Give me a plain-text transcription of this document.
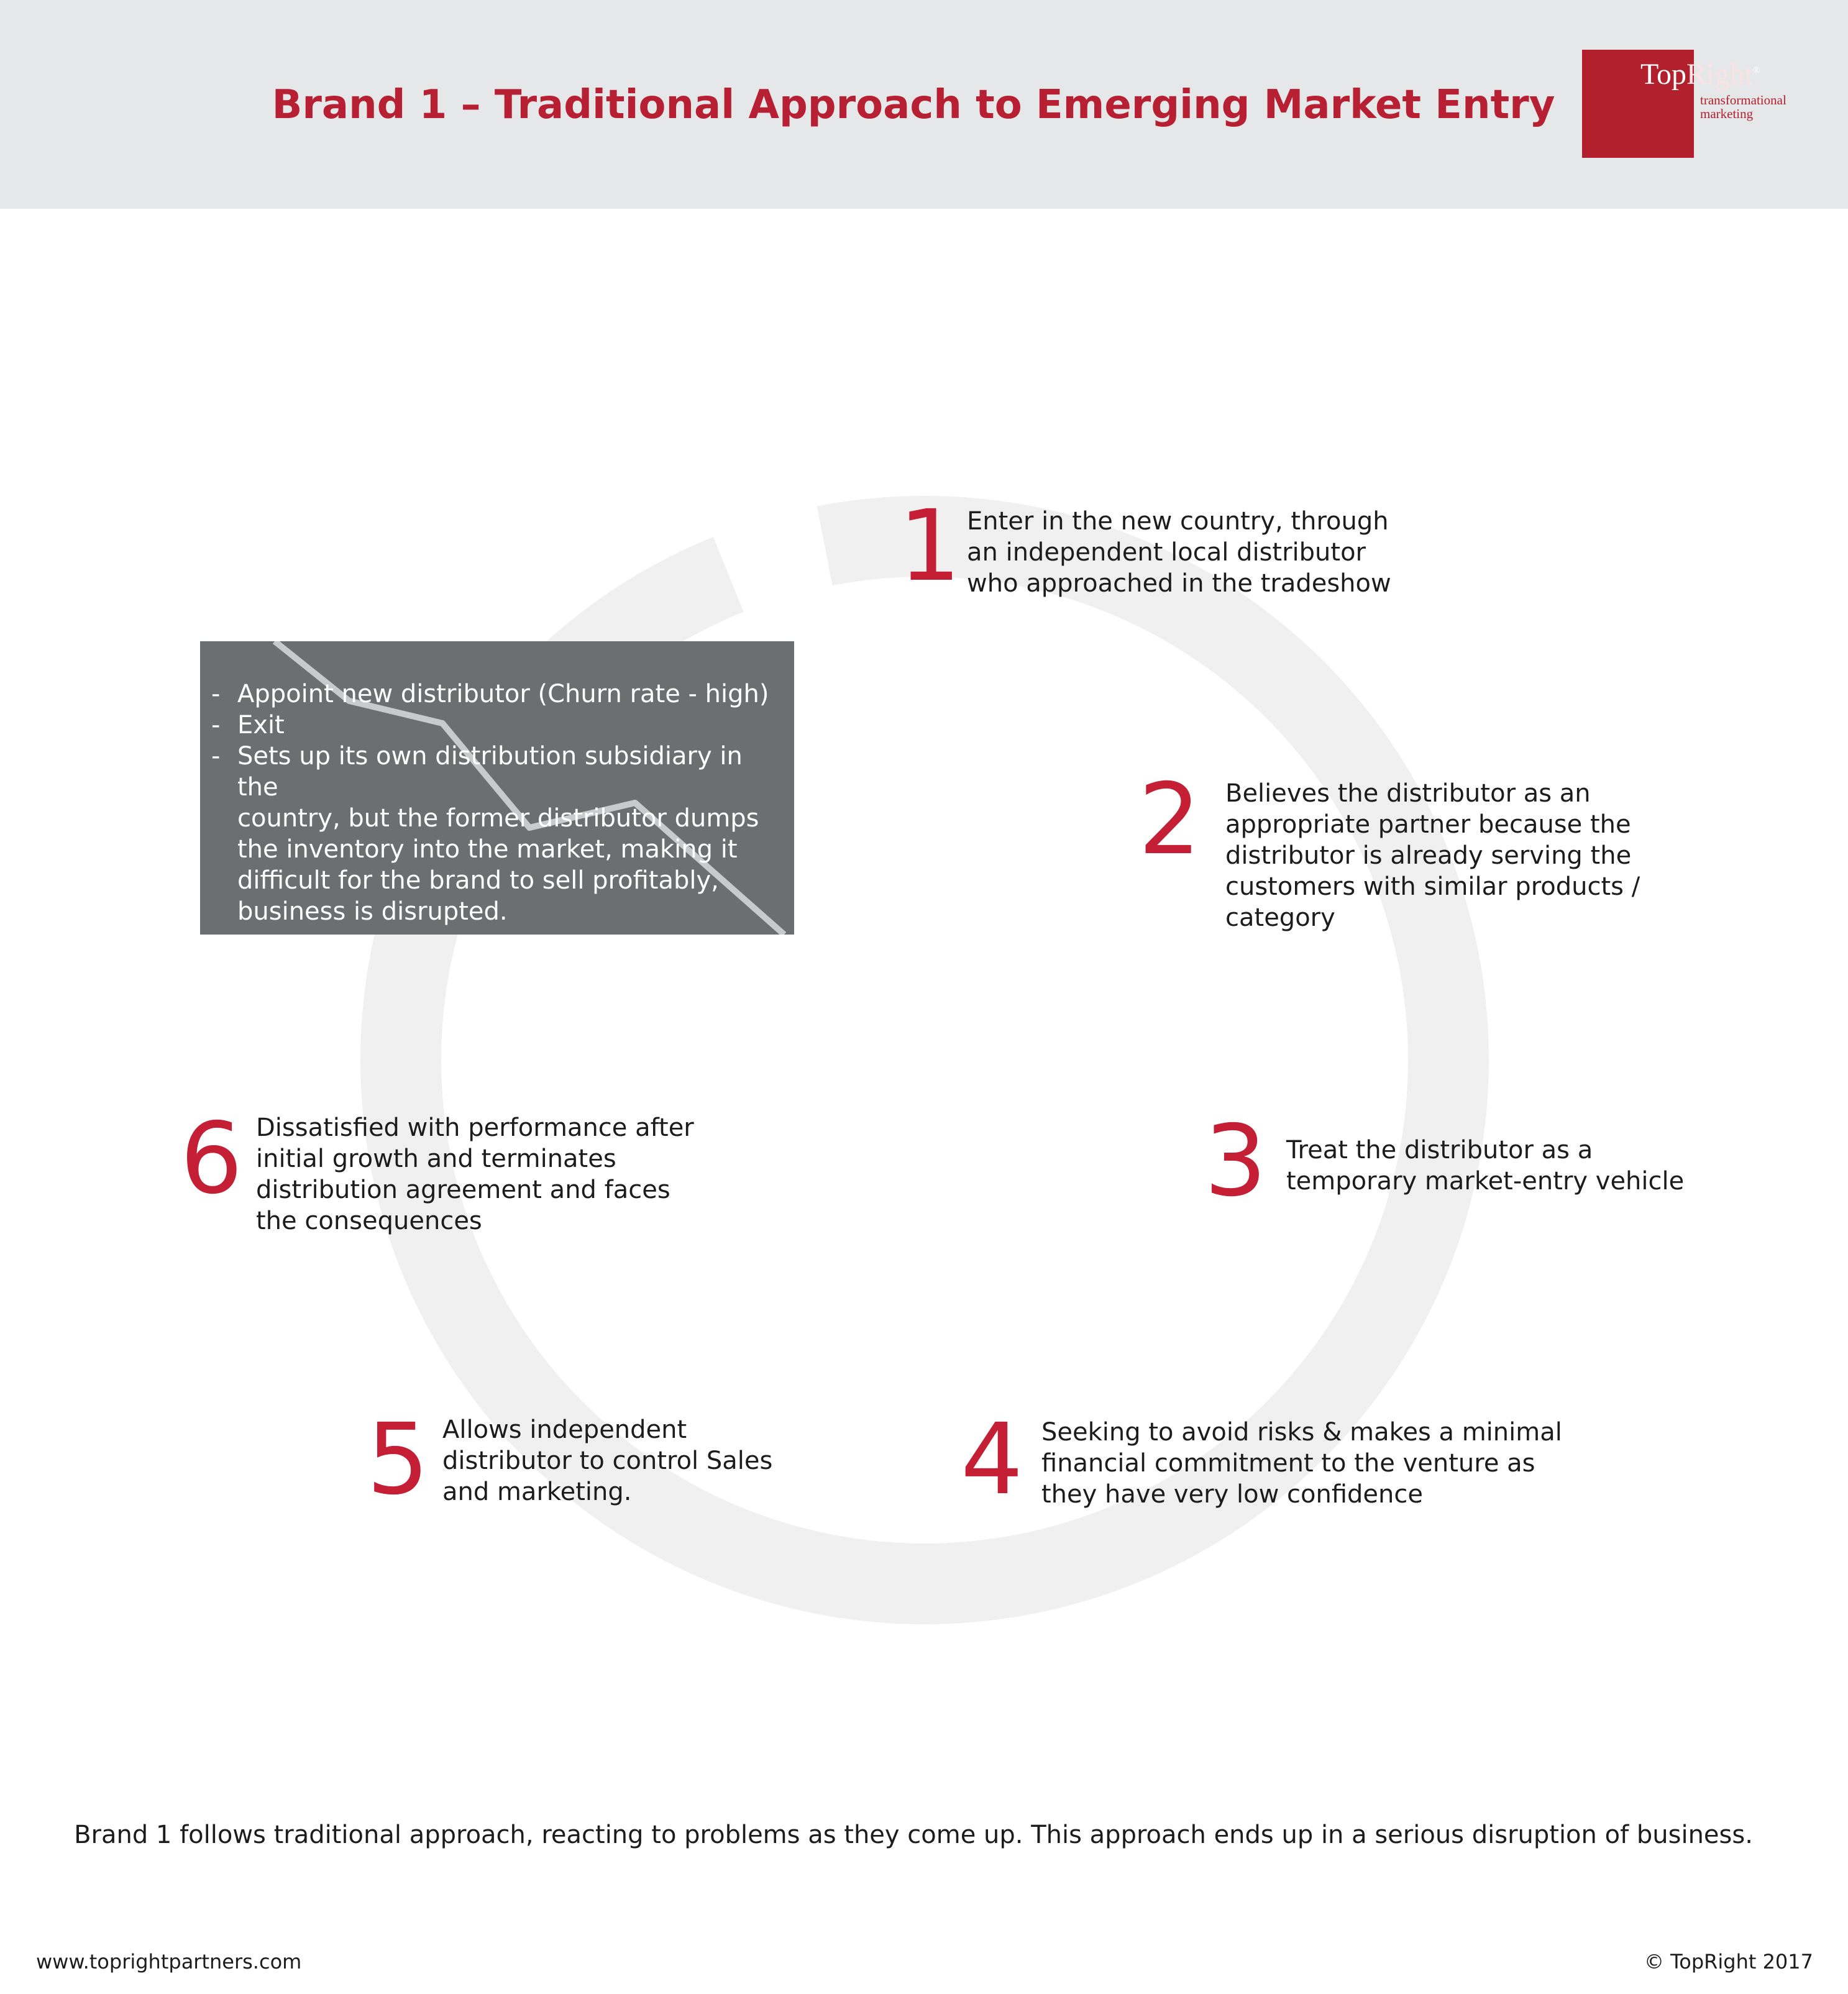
Brand 1 – Traditional Approach to Emerging Market Entry
TopRight®
transformational
marketing
- Appoint new distributor (Churn rate - high)
- Exit
- Sets up its own distribution subsidiary in the
country, but the former distributor dumps
the inventory into the market, making it
difficult for the brand to sell profitably,
business is disrupted.
1 Enter in the new country, through
an independent local distributor
who approached in the tradeshow
2 Believes the distributor as an
appropriate partner because the
distributor is already serving the
customers with similar products /
category
3 Treat the distributor as a
temporary market-entry vehicle
4 Seeking to avoid risks & makes a minimal
financial commitment to the venture as
they have very low confidence
5 Allows independent
distributor to control Sales
and marketing.
6 Dissatisfied with performance after
initial growth and terminates
distribution agreement and faces
the consequences
Brand 1 follows traditional approach, reacting to problems as they come up. This approach ends up in a serious disruption of business.
www.toprightpartners.com	© TopRight 2017
